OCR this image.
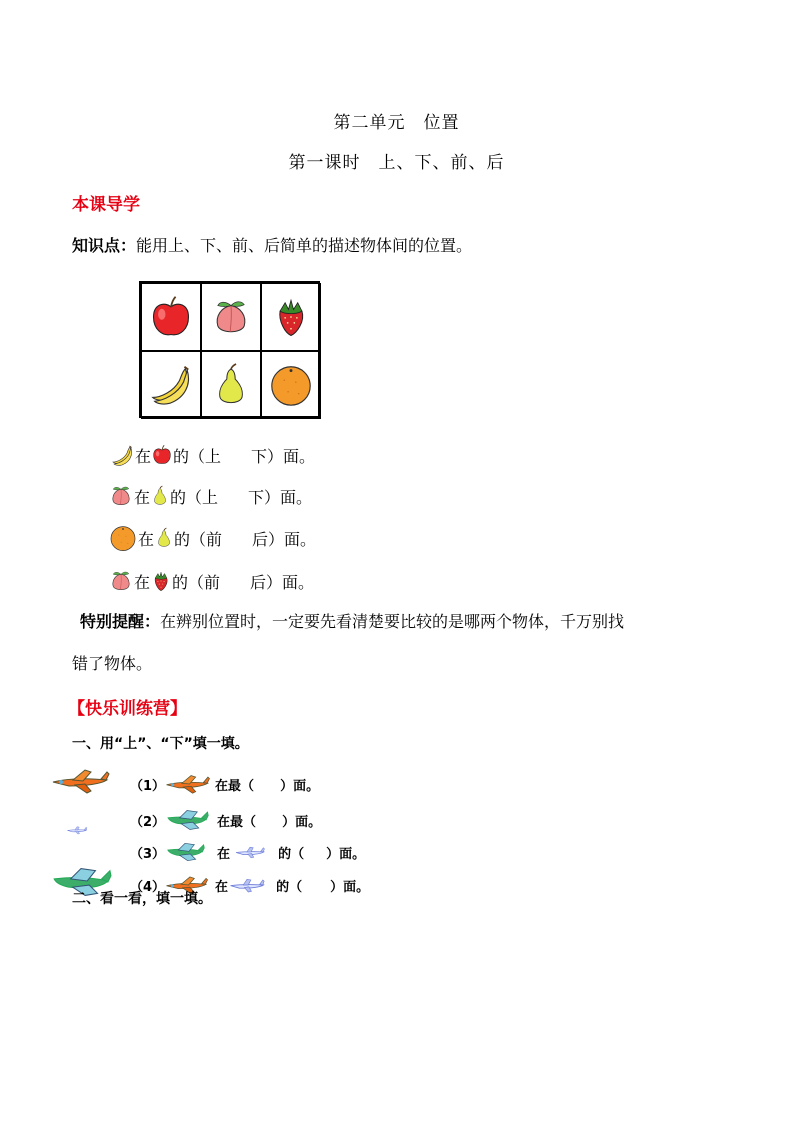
第二单元　位置
第一课时　上、下、前、后
本课导学
知识点：能用上、下、前、后简单的描述物体间的位置。
在 的（上 下）面。
在 的（上 下）面。
在 的（前 后）面。
在 的（前 后）面。
特别提醒：在辨别位置时，一定要先看清楚要比较的是哪两个物体，千万别找
错了物体。
【快乐训练营】
一、用“上”、“下”填一填。
（1）	在最（ ）面。
（2）	在最（ ）面。
（3）	在	的（ ）面。
（4）	在	的（ ）面。
二、看一看，填一填。
